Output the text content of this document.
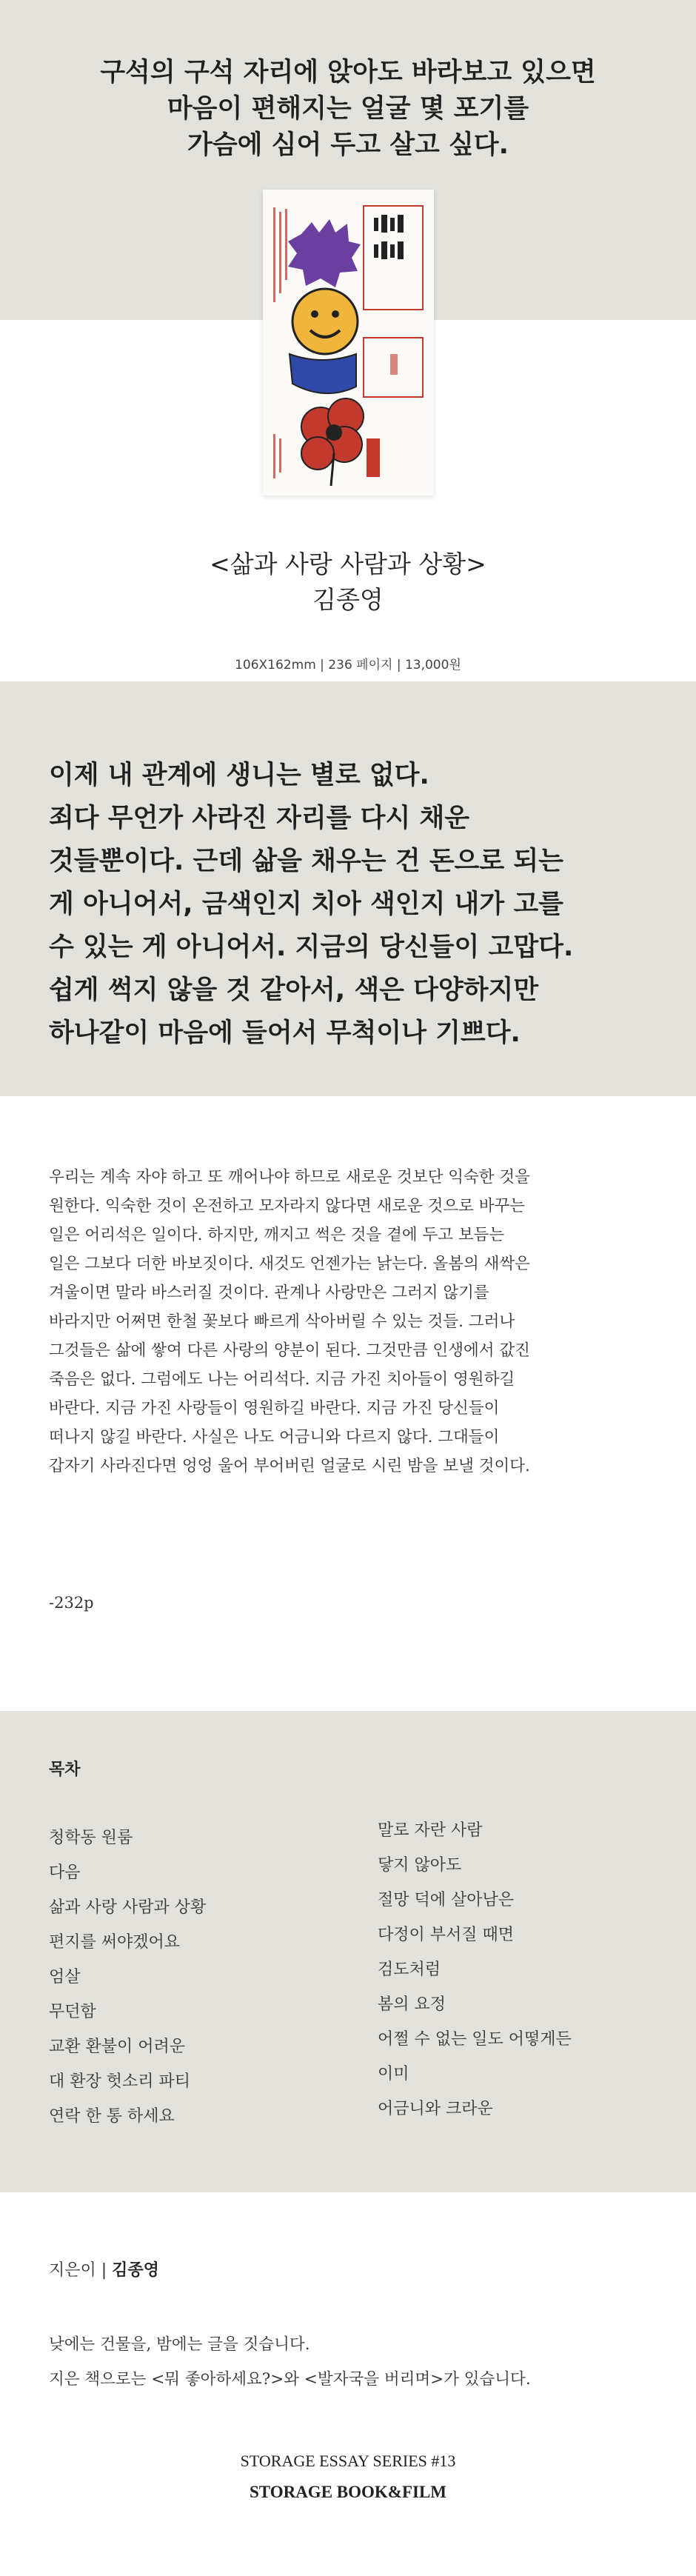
구석의 구석 자리에 앉아도 바라보고 있으면
마음이 편해지는 얼굴 몇 포기를
가슴에 심어 두고 살고 싶다.
<삶과 사랑 사람과 상황>
김종영
106X162mm | 236 페이지 | 13,000원
이제 내 관계에 생니는 별로 없다.
죄다 무언가 사라진 자리를 다시 채운
것들뿐이다. 근데 삶을 채우는 건 돈으로 되는
게 아니어서, 금색인지 치아 색인지 내가 고를
수 있는 게 아니어서. 지금의 당신들이 고맙다.
쉽게 썩지 않을 것 같아서, 색은 다양하지만
하나같이 마음에 들어서 무척이나 기쁘다.
우리는 계속 자야 하고 또 깨어나야 하므로 새로운 것보단 익숙한 것을
원한다. 익숙한 것이 온전하고 모자라지 않다면 새로운 것으로 바꾸는
일은 어리석은 일이다. 하지만, 깨지고 썩은 것을 곁에 두고 보듬는
일은 그보다 더한 바보짓이다. 새것도 언젠가는 낡는다. 올봄의 새싹은
겨울이면 말라 바스러질 것이다. 관계나 사랑만은 그러지 않기를
바라지만 어쩌면 한철 꽃보다 빠르게 삭아버릴 수 있는 것들. 그러나
그것들은 삶에 쌓여 다른 사랑의 양분이 된다. 그것만큼 인생에서 값진
죽음은 없다. 그럼에도 나는 어리석다. 지금 가진 치아들이 영원하길
바란다. 지금 가진 사랑들이 영원하길 바란다. 지금 가진 당신들이
떠나지 않길 바란다. 사실은 나도 어금니와 다르지 않다. 그대들이
갑자기 사라진다면 엉엉 울어 부어버린 얼굴로 시린 밤을 보낼 것이다.
-232p
목차
청학동 원룸
다음
삶과 사랑 사람과 상황
편지를 써야겠어요
엄살
무던함
교환 환불이 어려운
대 환장 헛소리 파티
연락 한 통 하세요
말로 자란 사람
닿지 않아도
절망 덕에 살아남은
다정이 부서질 때면
검도처럼
봄의 요정
어쩔 수 없는 일도 어떻게든
이미
어금니와 크라운
지은이 | 김종영
낮에는 건물을, 밤에는 글을 짓습니다.
지은 책으로는 <뭐 좋아하세요?>와 <발자국을 버리며>가 있습니다.
STORAGE ESSAY SERIES #13
STORAGE BOOK&FILM
